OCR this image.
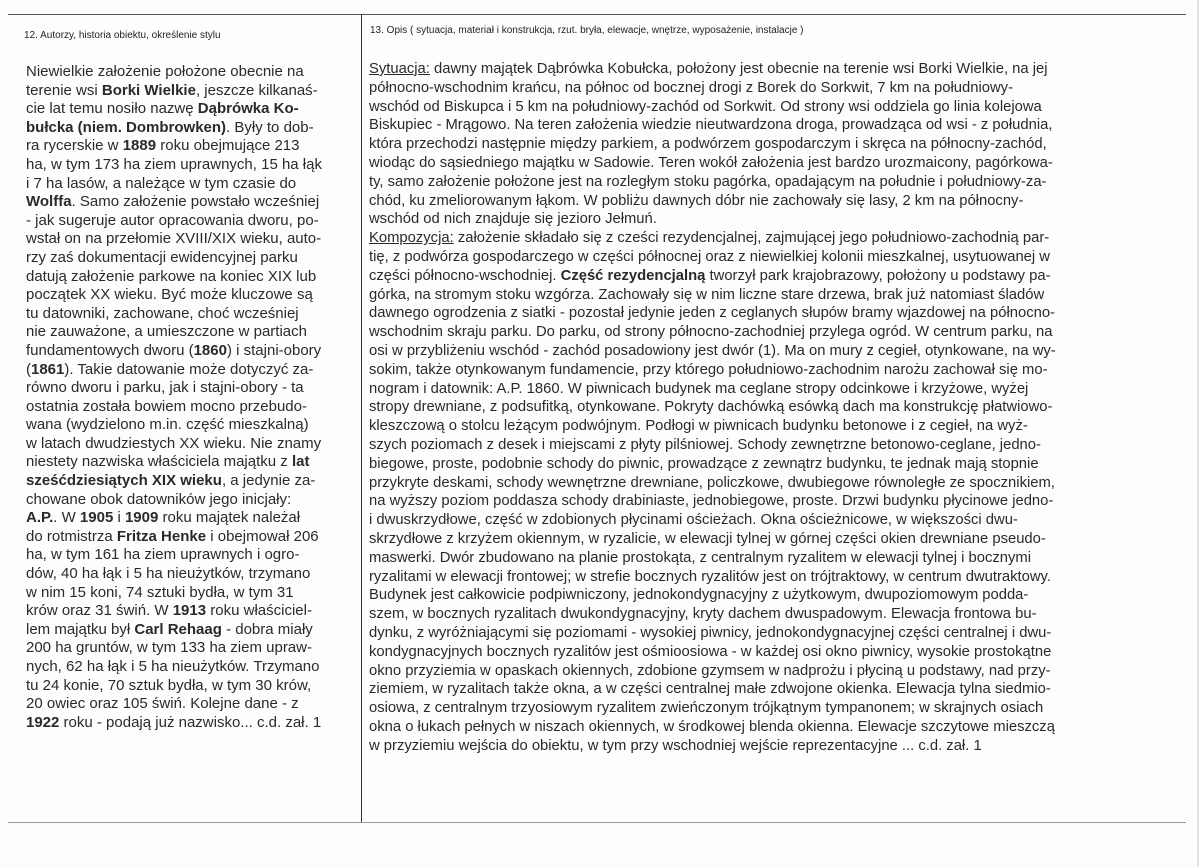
12. Autorzy, historia obiektu, określenie stylu	13. Opis ( sytuacja, materiał i konstrukcja, rzut. bryła, elewacje, wnętrze, wyposażenie, instalacje )
Niewielkie założenie położone obecnie na
terenie wsi Borki Wielkie, jeszcze kilkanaś-
cie lat temu nosiło nazwę Dąbrówka Ko-
bułcka (niem. Dombrowken). Były to dob-
ra rycerskie w 1889 roku obejmujące 213
ha, w tym 173 ha ziem uprawnych, 15 ha łąk
i 7 ha lasów, a należące w tym czasie do
Wolffa. Samo założenie powstało wcześniej
- jak sugeruje autor opracowania dworu, po-
wstał on na przełomie XVIII/XIX wieku, auto-
rzy zaś dokumentacji ewidencyjnej parku
datują założenie parkowe na koniec XIX lub
początek XX wieku. Być może kluczowe są
tu datowniki, zachowane, choć wcześniej
nie zauważone, a umieszczone w partiach
fundamentowych dworu (1860) i stajni-obory
(1861). Takie datowanie może dotyczyć za-
równo dworu i parku, jak i stajni-obory - ta
ostatnia została bowiem mocno przebudo-
wana (wydzielono m.in. część mieszkalną)
w latach dwudziestych XX wieku. Nie znamy
niestety nazwiska właściciela majątku z lat
sześćdziesiątych XIX wieku, a jedynie za-
chowane obok datowników jego inicjały:
A.P.. W 1905 i 1909 roku majątek należał
do rotmistrza Fritza Henke i obejmował 206
ha, w tym 161 ha ziem uprawnych i ogro-
dów, 40 ha łąk i 5 ha nieużytków, trzymano
w nim 15 koni, 74 sztuki bydła, w tym 31
krów oraz 31 świń. W 1913 roku właściciel-
lem majątku był Carl Rehaag - dobra miały
200 ha gruntów, w tym 133 ha ziem upraw-
nych, 62 ha łąk i 5 ha nieużytków. Trzymano
tu 24 konie, 70 sztuk bydła, w tym 30 krów,
20 owiec oraz 105 świń. Kolejne dane - z
1922 roku - podają już nazwisko... c.d. zał. 1
Sytuacja: dawny majątek Dąbrówka Kobułcka, położony jest obecnie na terenie wsi Borki Wielkie, na jej
północno-wschodnim krańcu, na północ od bocznej drogi z Borek do Sorkwit, 7 km na południowy-
wschód od Biskupca i 5 km na południowy-zachód od Sorkwit. Od strony wsi oddziela go linia kolejowa
Biskupiec - Mrągowo. Na teren założenia wiedzie nieutwardzona droga, prowadząca od wsi - z południa,
która przechodzi następnie między parkiem, a podwórzem gospodarczym i skręca na północny-zachód,
wiodąc do sąsiedniego majątku w Sadowie. Teren wokół założenia jest bardzo urozmaicony, pagórkowa-
ty, samo założenie położone jest na rozległym stoku pagórka, opadającym na południe i południowy-za-
chód, ku zmeliorowanym łąkom. W pobliżu dawnych dóbr nie zachowały się lasy, 2 km na północny-
wschód od nich znajduje się jezioro Jełmuń.
Kompozycja: założenie składało się z cześci rezydencjalnej, zajmującej jego południowo-zachodnią par-
tię, z podwórza gospodarczego w części północnej oraz z niewielkiej kolonii mieszkalnej, usytuowanej w
części północno-wschodniej. Część rezydencjalną tworzył park krajobrazowy, położony u podstawy pa-
górka, na stromym stoku wzgórza. Zachowały się w nim liczne stare drzewa, brak już natomiast śladów
dawnego ogrodzenia z siatki - pozostał jedynie jeden z ceglanych słupów bramy wjazdowej na północno-
wschodnim skraju parku. Do parku, od strony północno-zachodniej przylega ogród. W centrum parku, na
osi w przybliżeniu wschód - zachód posadowiony jest dwór (1). Ma on mury z cegieł, otynkowane, na wy-
sokim, także otynkowanym fundamencie, przy którego południowo-zachodnim narożu zachował się mo-
nogram i datownik: A.P. 1860. W piwnicach budynek ma ceglane stropy odcinkowe i krzyżowe, wyżej
stropy drewniane, z podsufitką, otynkowane. Pokryty dachówką esówką dach ma konstrukcję płatwiowo-
kleszczową o stolcu leżącym podwójnym. Podłogi w piwnicach budynku betonowe i z cegieł, na wyż-
szych poziomach z desek i miejscami z płyty pilśniowej. Schody zewnętrzne betonowo-ceglane, jedno-
biegowe, proste, podobnie schody do piwnic, prowadzące z zewnątrz budynku, te jednak mają stopnie
przykryte deskami, schody wewnętrzne drewniane, policzkowe, dwubiegowe równoległe ze spocznikiem,
na wyższy poziom poddasza schody drabiniaste, jednobiegowe, proste. Drzwi budynku płycinowe jedno-
i dwuskrzydłowe, część w zdobionych płycinami ościeżach. Okna ościeżnicowe, w większości dwu-
skrzydłowe z krzyżem okiennym, w ryzalicie, w elewacji tylnej w górnej części okien drewniane pseudo-
maswerki. Dwór zbudowano na planie prostokąta, z centralnym ryzalitem w elewacji tylnej i bocznymi
ryzalitami w elewacji frontowej; w strefie bocznych ryzalitów jest on trójtraktowy, w centrum dwutraktowy.
Budynek jest całkowicie podpiwniczony, jednokondygnacyjny z użytkowym, dwupoziomowym podda-
szem, w bocznych ryzalitach dwukondygnacyjny, kryty dachem dwuspadowym. Elewacja frontowa bu-
dynku, z wyróżniającymi się poziomami - wysokiej piwnicy, jednokondygnacyjnej części centralnej i dwu-
kondygnacyjnych bocznych ryzalitów jest ośmioosiowa - w każdej osi okno piwnicy, wysokie prostokątne
okno przyziemia w opaskach okiennych, zdobione gzymsem w nadprożu i płyciną u podstawy, nad przy-
ziemiem, w ryzalitach także okna, a w części centralnej małe zdwojone okienka. Elewacja tylna siedmio-
osiowa, z centralnym trzyosiowym ryzalitem zwieńczonym trójkątnym tympanonem; w skrajnych osiach
okna o łukach pełnych w niszach okiennych, w środkowej blenda okienna. Elewacje szczytowe mieszczą
w przyziemiu wejścia do obiektu, w tym przy wschodniej wejście reprezentacyjne ... c.d. zał. 1
